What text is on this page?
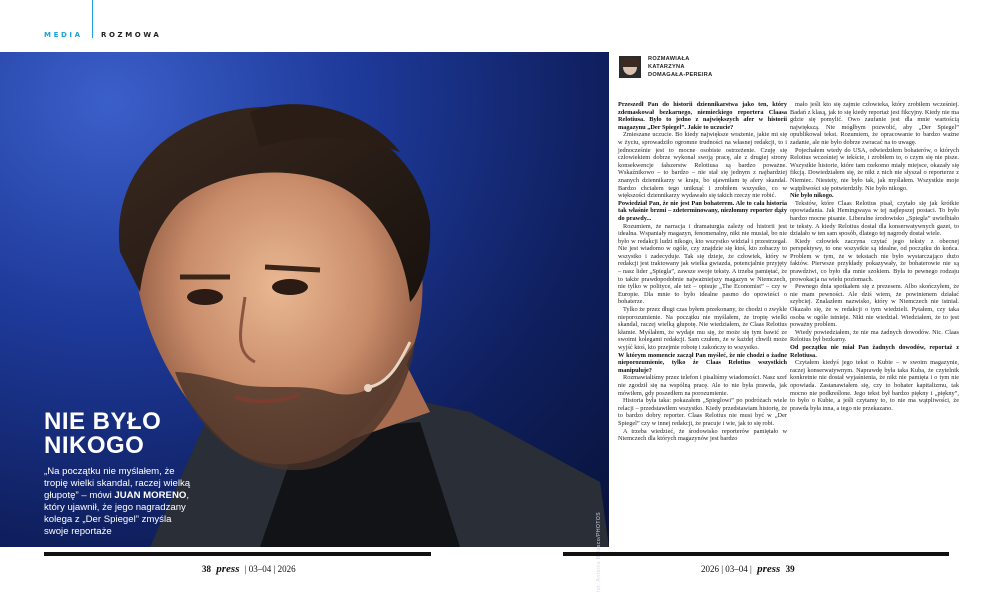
MEDIA	ROZMOWA
NIE BYŁO
NIKOGO
„Na początku nie myślałem, że tropię wielki skandal, raczej wielką głupotę” – mówi JUAN MORENO, który ujawnił, że jego nagradzany kolega z „Der Spiegel” zmyśla swoje reportaże
ROZMAWIAŁA
KATARZYNA
DOMAGAŁA-PEREIRA

Przeszedł Pan do historii dziennikarstwa jako ten, który zdemaskował bezkarnego, niemieckiego reportera Claasa Relotiusa. Było to jedno z największych afer w historii magazynu „Der Spiegel”. Jakie to uczucie?

Zmieszane uczucie. Bo kiedy największe wrażenie, jakie mi się w życiu, sprowadziło ogromne trudności na własnej redakcji, to i jednocześnie jest to mocne osobiste ostrzeżenie. Czuję się człowiekiem dobrze wykonał swoją pracę, ale z drugiej strony konsekwencje fałszerstw Relotiusa są bardzo poważne. Wskaźnikowo – to bardzo – nie stał się jednym z najbardziej znanych dziennikarzy w kraju, bo ujawniłam tę afery skandal. Bardzo chciałem tego uniknąć i zrobiłem wszystko, co w większości dziennikarzy wydawało się takich rzeczy nie robić.

Powiedział Pan, że nie jest Pan bohaterem. Ale to cała historia tak właśnie brzmi – zdeterminowany, niezłomny reporter dąży do prawdy...

Rozumiem, że narracja i dramaturgia zależy od historii jest idealna. Wspaniały magazyn, fenomenalny, nikt nie musiał, bo nie było w redakcji ludzi nikogo, kto wszystko widział i przestrzegał. Nie jest wiadomo w ogóle, czy znajdzie się ktoś, kto zobaczy to wszystko i zadecyduje. Tak się dzieje, że człowiek, który w redakcji jest traktowany jak wielka gwiazda, potencjalnie przyjęty – nasz lider „Spiegla”, zawsze swoje teksty. A trzeba pamiętać, że to także prawdopodobnie najważniejszy magazyn w Niemczech, nie tylko w polityce, ale też – opisuje „The Economist” – czy w Europie. Dla mnie to było idealne pasmo do opowieści o bohaterze.

Tylko że przez długi czas byłem przekonany, że chodzi o zwykłe nieporozumienie. Na początku nie myślałem, że tropię wielki skandal, raczej wielką głupotę. Nie wiedziałem, że Claas Relotius kłamie. Myślałem, że wydaje mu się, że może się tym bawić ze swoimi kolegami redakcji. Sam czułem, że w każdej chwili może wyjść ktoś, kto przejmie robotę i zakończy to wszystko.

W którym momencie zaczął Pan myśleć, że nie chodzi o żadne nieporozumienie, tylko że Claas Relotius wszystkich manipuluje?

Rozmawialiśmy przez telefon i pisaliśmy wiadomości. Nasz szef nie zgodził się na wspólną pracę. Ale to nie była prawda, jak mówiłem, gdy poszedłem na porozumienie.

Historia była taka: pokazałem „Spieglowi” po podróżach wiele relacji – przedstawiłem wszystko. Kiedy przedstawiam historię, że to bardzo dobry reporter. Claas Relotius nie musi być w „Der Spiegel” czy w innej redakcji, że pracuje i wie, jak to się robi.

A trzeba wiedzieć, że środowisko reporterów pamiętało w Niemczech dla których magazynów jest bardzo

mało jeśli kto się zajmie człowieka, który zrobiłem wcześniej. Badań z klasą, jak to się kiedy reportaż jest fikcyjny. Kiedy nie ma gdzie się pomylić. Owo zaufanie jest dla mnie wartością największą. Nie mógłbym pozwolić, aby „Der Spiegel” opublikował tekst. Rozumiem, że opracowanie to bardzo ważne zadanie, ale nie było dobrze zwracać na to uwagę.

Pojechałem wtedy do USA, odwiedziłem bohaterów, o których Relotius wcześniej w tekście, i zrobiłem to, o czym się nie pisze. Wszystkie historie, które tam rzekomo miały miejsce, okazały się fikcją. Dowiedziałem się, że nikt z nich nie słyszał o reporterze z Niemiec. Niestety, nie było tak, jak myślałem. Wszystkie moje wątpliwości się potwierdziły. Nie było nikogo.

Nie było nikogo.

Tekstów, które Claas Relotius pisał, czytało się jak krótkie opowiadania. Jak Hemingwaya w tej najlepszej postaci. To było bardzo mocne pisanie. Liberalne środowisko „Spiegla” uwielbiało te teksty. A kiedy Relotius dostał dla konserwatywnych gazet, to działało w ten sam sposób, dlatego tej nagrody dostał wiele.

Kiedy człowiek zaczyna czytać jego teksty z obecnej perspektywy, to one wszystkie są idealne, od początku do końca. Problem w tym, że w tekstach nie było wystarczająco dużo faktów. Pierwsze przykłady pokazywały, że bohaterowie nie są prawdziwi, co było dla mnie szokiem. Była to pewnego rodzaju prowokacja na wielu poziomach.

Pewnego dnia spotkałem się z prezesem. Albo skończyłem, że nie mam pewności. Ale dziś wiem, że powinienem działać szybciej. Znalazłem nazwisko, który w Niemczech nie istniał. Okazało się, że w redakcji o tym wiedzieli. Pytałem, czy taka osoba w ogóle istnieje. Nikt nie wiedział. Wiedziałem, że to jest poważny problem.

Wtedy powiedziałem, że nie ma żadnych dowodów. Nic. Claas Relotius był bezkarny.

Od początku nie miał Pan żadnych dowodów, reportaż z Relotiusa.

Czytałem kiedyś jego tekst o Kubie – w swoim magazynie, raczej konserwatywnym. Naprawdę była taka Kuba, że czytelnik konkretnie nie dostał wyjaśnienia, że nikt nie pamięta i o tym nie opowiada. Zastanawiałem się, czy to bohater kapitalizmu, tak mocno nie podkreślone. Jego tekst był bardzo piękny i „piękny”, to było o Kubie, a jeśli czytamy to, to nie ma wątpliwości, że prawda była inna, a tego nie przekazano.

38 press | 03–04 | 2026	2026 | 03–04 | press 39
